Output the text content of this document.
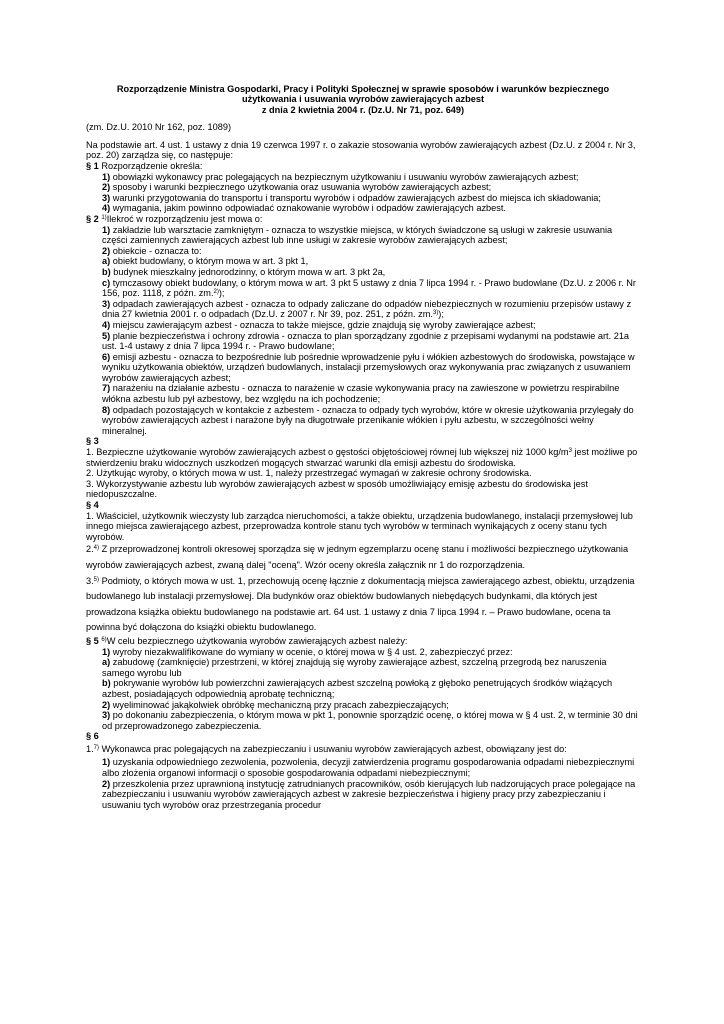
Rozporządzenie Ministra Gospodarki, Pracy i Polityki Społecznej w sprawie sposobów i warunków bezpiecznego

użytkowania i usuwania wyrobów zawierających azbest

z dnia 2 kwietnia 2004 r. (Dz.U. Nr 71, poz. 649)

(zm. Dz.U. 2010 Nr 162, poz. 1089)

Na podstawie art. 4 ust. 1 ustawy z dnia 19 czerwca 1997 r. o zakazie stosowania wyrobów zawierających azbest (Dz.U. z 2004 r. Nr 3, poz. 20) zarządza się, co następuje:

§ 1 Rozporządzenie określa:

1) obowiązki wykonawcy prac polegających na bezpiecznym użytkowaniu i usuwaniu wyrobów zawierających azbest;

2) sposoby i warunki bezpiecznego użytkowania oraz usuwania wyrobów zawierających azbest;

3) warunki przygotowania do transportu i transportu wyrobów i odpadów zawierających azbest do miejsca ich składowania;

4) wymagania, jakim powinno odpowiadać oznakowanie wyrobów i odpadów zawierających azbest.

§ 2 $^{1)}$Ilekroć w rozporządzeniu jest mowa o:

1) zakładzie lub warsztacie zamkniętym - oznacza to wszystkie miejsca, w których świadczone są usługi w zakresie usuwania części zamiennych zawierających azbest lub inne usługi w zakresie wyrobów zawierających azbest;

2) obiekcie - oznacza to:

a) obiekt budowlany, o którym mowa w art. 3 pkt 1,

b) budynek mieszkalny jednorodzinny, o którym mowa w art. 3 pkt 2a,

c) tymczasowy obiekt budowlany, o którym mowa w art. 3 pkt 5 ustawy z dnia 7 lipca 1994 r. - Prawo budowlane (Dz.U. z 2006 r. Nr 156, poz. 1118, z późn. zm.$^{2)}$);

3) odpadach zawierających azbest - oznacza to odpady zaliczane do odpadów niebezpiecznych w rozumieniu przepisów ustawy z dnia 27 kwietnia 2001 r. o odpadach (Dz.U. z 2007 r. Nr 39, poz. 251, z późn. zm.$^{3)}$);

4) miejscu zawierającym azbest - oznacza to także miejsce, gdzie znajdują się wyroby zawierające azbest;

5) planie bezpieczeństwa i ochrony zdrowia - oznacza to plan sporządzany zgodnie z przepisami wydanymi na podstawie art. 21a ust. 1-4 ustawy z dnia 7 lipca 1994 r. - Prawo budowlane;

6) emisji azbestu - oznacza to bezpośrednie lub pośrednie wprowadzenie pyłu i włókien azbestowych do środowiska, powstające w wyniku użytkowania obiektów, urządzeń budowlanych, instalacji przemysłowych oraz wykonywania prac związanych z usuwaniem wyrobów zawierających azbest;

7) narażeniu na działanie azbestu - oznacza to narażenie w czasie wykonywania pracy na zawieszone w powietrzu respirabilne włókna azbestu lub pył azbestowy, bez względu na ich pochodzenie;

8) odpadach pozostających w kontakcie z azbestem - oznacza to odpady tych wyrobów, które w okresie użytkowania przylegały do wyrobów zawierających azbest i narażone były na długotrwałe przenikanie włókien i pyłu azbestu, w szczególności wełny mineralnej.

§ 3

1. Bezpieczne użytkowanie wyrobów zawierających azbest o gęstości objętościowej równej lub większej niż 1000 $kg/m^3$ jest możliwe po stwierdzeniu braku widocznych uszkodzeń mogących stwarzać warunki dla emisji azbestu do środowiska.

2. Użytkując wyroby, o których mowa w ust. 1, należy przestrzegać wymagań w zakresie ochrony środowiska.

3. Wykorzystywanie azbestu lub wyrobów zawierających azbest w sposób umożliwiający emisję azbestu do środowiska jest niedopuszczalne.

§ 4

1. Właściciel, użytkownik wieczysty lub zarządca nieruchomości, a także obiektu, urządzenia budowlanego, instalacji przemysłowej lub innego miejsca zawierającego azbest, przeprowadza kontrole stanu tych wyrobów w terminach wynikających z oceny stanu tych wyrobów.

2.$^{4)}$ Z przeprowadzonej kontroli okresowej sporządza się w jednym egzemplarzu ocenę stanu i możliwości bezpiecznego użytkowania wyrobów zawierających azbest, zwaną dalej "oceną". Wzór oceny określa załącznik nr 1 do rozporządzenia.

3.$^{5)}$ Podmioty, o których mowa w ust. 1, przechowują ocenę łącznie z dokumentacją miejsca zawierającego azbest, obiektu, urządzenia budowlanego lub instalacji przemysłowej. Dla budynków oraz obiektów budowlanych niebędących budynkami, dla których jest prowadzona książka obiektu budowlanego na podstawie art. 64 ust. 1 ustawy z dnia 7 lipca 1994 r. – Prawo budowlane, ocena ta powinna być dołączona do książki obiektu budowlanego.

§ 5 $^{6)}$W celu bezpiecznego użytkowania wyrobów zawierających azbest należy:

1) wyroby niezakwalifikowane do wymiany w ocenie, o której mowa w § 4 ust. 2, zabezpieczyć przez:

a) zabudowę (zamknięcie) przestrzeni, w której znajdują się wyroby zawierające azbest, szczelną przegrodą bez naruszenia samego wyrobu lub

b) pokrywanie wyrobów lub powierzchni zawierających azbest szczelną powłoką z głęboko penetrujących środków wiążących azbest, posiadających odpowiednią aprobatę techniczną;

2) wyeliminować jakąkolwiek obróbkę mechaniczną przy pracach zabezpieczających;

3) po dokonaniu zabezpieczenia, o którym mowa w pkt 1, ponownie sporządzić ocenę, o której mowa w § 4 ust. 2, w terminie 30 dni od przeprowadzonego zabezpieczenia.

§ 6

1.$^{7)}$ Wykonawca prac polegających na zabezpieczaniu i usuwaniu wyrobów zawierających azbest, obowiązany jest do:

1) uzyskania odpowiedniego zezwolenia, pozwolenia, decyzji zatwierdzenia programu gospodarowania odpadami niebezpiecznymi albo złożenia organowi informacji o sposobie gospodarowania odpadami niebezpiecznymi;

2) przeszkolenia przez uprawnioną instytucję zatrudnianych pracowników, osób kierujących lub nadzorujących prace polegające na zabezpieczaniu i usuwaniu wyrobów zawierających azbest w zakresie bezpieczeństwa i higieny pracy przy zabezpieczaniu i usuwaniu tych wyrobów oraz przestrzegania procedur
